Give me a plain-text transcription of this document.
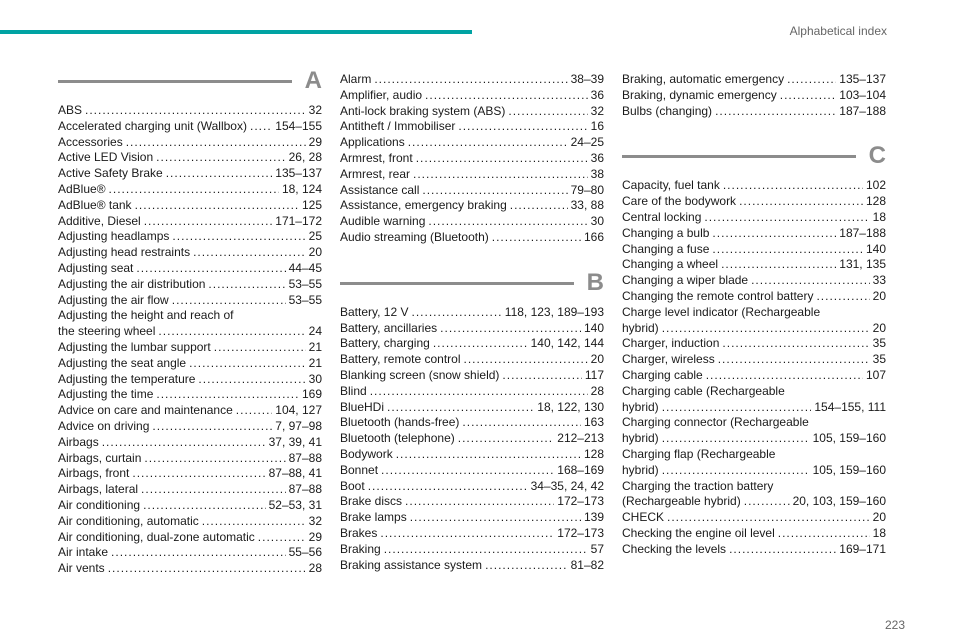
Alphabetical index
A
ABS .....	32
Accelerated charging unit (Wallbox) ..... 154–155
Accessories .....	29
Active LED Vision .....	26, 28
Active Safety Brake .....	135–137
AdBlue® .....	18, 124
AdBlue® tank .....	125
Additive, Diesel .....	171–172
Adjusting headlamps .....	25
Adjusting head restraints .....	20
Adjusting seat .....	44–45
Adjusting the air distribution .....	53–55
Adjusting the air flow .....	53–55
Adjusting the height and reach of
the steering wheel .....	24
Adjusting the lumbar support .....	21
Adjusting the seat angle .....	21
Adjusting the temperature .....	30
Adjusting the time .....	169
Advice on care and maintenance .....	104, 127
Advice on driving .....	7, 97–98
Airbags .....	37, 39, 41
Airbags, curtain .....	87–88
Airbags, front .....	87–88, 41
Airbags, lateral .....	87–88
Air conditioning .....	52–53, 31
Air conditioning, automatic .....	32
Air conditioning, dual-zone automatic .....	29
Air intake .....	55–56
Air vents .....	28
Alarm .....	38–39
Amplifier, audio .....	36
Anti-lock braking system (ABS) .....	32
Antitheft / Immobiliser .....	16
Applications .....	24–25
Armrest, front .....	36
Armrest, rear .....	38
Assistance call .....	79–80
Assistance, emergency braking .....	33, 88
Audible warning .....	30
Audio streaming (Bluetooth) .....	166
B
Battery, 12 V .....	118, 123, 189–193
Battery, ancillaries .....	140
Battery, charging .....	140, 142, 144
Battery, remote control .....	20
Blanking screen (snow shield) .....	117
Blind .....	28
BlueHDi .....	18, 122, 130
Bluetooth (hands-free) .....	163
Bluetooth (telephone) .....	212–213
Bodywork .....	128
Bonnet .....	168–169
Boot .....	34–35, 24, 42
Brake discs .....	172–173
Brake lamps .....	139
Brakes .....	172–173
Braking .....	57
Braking assistance system .....	81–82
Braking, automatic emergency .....	135–137
Braking, dynamic emergency .....	103–104
Bulbs (changing) .....	187–188
C
Capacity, fuel tank .....	102
Care of the bodywork .....	128
Central locking .....	18
Changing a bulb .....	187–188
Changing a fuse .....	140
Changing a wheel .....	131, 135
Changing a wiper blade .....	33
Changing the remote control battery .....	20
Charge level indicator (Rechargeable
hybrid) .....	20
Charger, induction .....	35
Charger, wireless .....	35
Charging cable .....	107
Charging cable (Rechargeable
hybrid) .....	154–155, 111
Charging connector (Rechargeable
hybrid) .....	105, 159–160
Charging flap (Rechargeable
hybrid) .....	105, 159–160
Charging the traction battery
(Rechargeable hybrid) .....	20, 103, 159–160
CHECK .....	20
Checking the engine oil level .....	18
Checking the levels .....	169–171
223
